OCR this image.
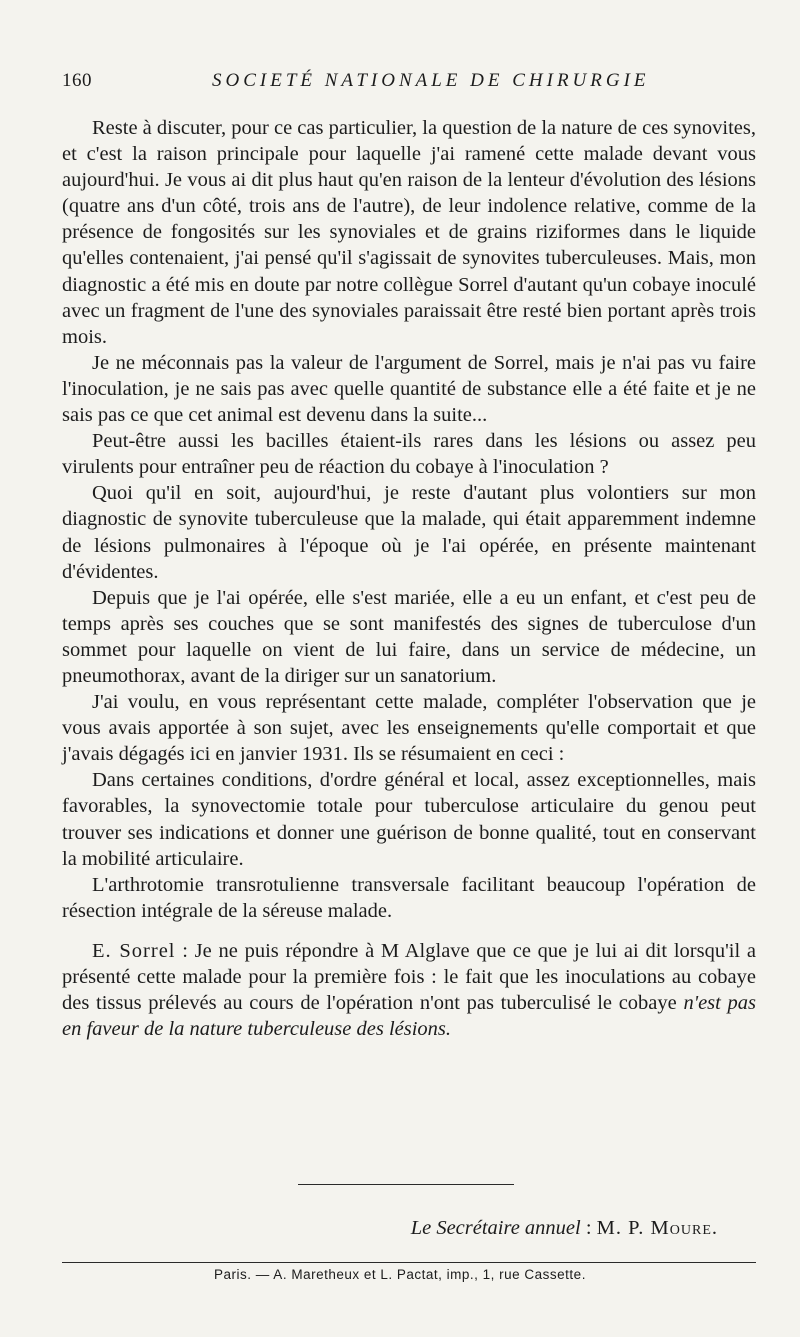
160	SOCIETÉ NATIONALE DE CHIRURGIE

Reste à discuter, pour ce cas particulier, la question de la nature de ces synovites, et c'est la raison principale pour laquelle j'ai ramené cette malade devant vous aujourd'hui. Je vous ai dit plus haut qu'en raison de la lenteur d'évolution des lésions (quatre ans d'un côté, trois ans de l'autre), de leur indolence relative, comme de la présence de fongosités sur les synoviales et de grains riziformes dans le liquide qu'elles contenaient, j'ai pensé qu'il s'agissait de synovites tuberculeuses. Mais, mon diagnostic a été mis en doute par notre collègue Sorrel d'autant qu'un cobaye inoculé avec un fragment de l'une des synoviales paraissait être resté bien portant après trois mois.

Je ne méconnais pas la valeur de l'argument de Sorrel, mais je n'ai pas vu faire l'inoculation, je ne sais pas avec quelle quantité de substance elle a été faite et je ne sais pas ce que cet animal est devenu dans la suite...

Peut-être aussi les bacilles étaient-ils rares dans les lésions ou assez peu virulents pour entraîner peu de réaction du cobaye à l'inoculation ?

Quoi qu'il en soit, aujourd'hui, je reste d'autant plus volontiers sur mon diagnostic de synovite tuberculeuse que la malade, qui était apparemment indemne de lésions pulmonaires à l'époque où je l'ai opérée, en présente maintenant d'évidentes.

Depuis que je l'ai opérée, elle s'est mariée, elle a eu un enfant, et c'est peu de temps après ses couches que se sont manifestés des signes de tuberculose d'un sommet pour laquelle on vient de lui faire, dans un service de médecine, un pneumothorax, avant de la diriger sur un sanatorium.

J'ai voulu, en vous représentant cette malade, compléter l'observation que je vous avais apportée à son sujet, avec les enseignements qu'elle comportait et que j'avais dégagés ici en janvier 1931. Ils se résumaient en ceci :

Dans certaines conditions, d'ordre général et local, assez exceptionnelles, mais favorables, la synovectomie totale pour tuberculose articulaire du genou peut trouver ses indications et donner une guérison de bonne qualité, tout en conservant la mobilité articulaire.

L'arthrotomie transrotulienne transversale facilitant beaucoup l'opération de résection intégrale de la séreuse malade.

E. Sorrel : Je ne puis répondre à M Alglave que ce que je lui ai dit lorsqu'il a présenté cette malade pour la première fois : le fait que les inoculations au cobaye des tissus prélevés au cours de l'opération n'ont pas tuberculisé le cobaye n'est pas en faveur de la nature tuberculeuse des lésions.

Le Secrétaire annuel : M. P. Moure.
Paris. — A. Maretheux et L. Pactat, imp., 1, rue Cassette.
